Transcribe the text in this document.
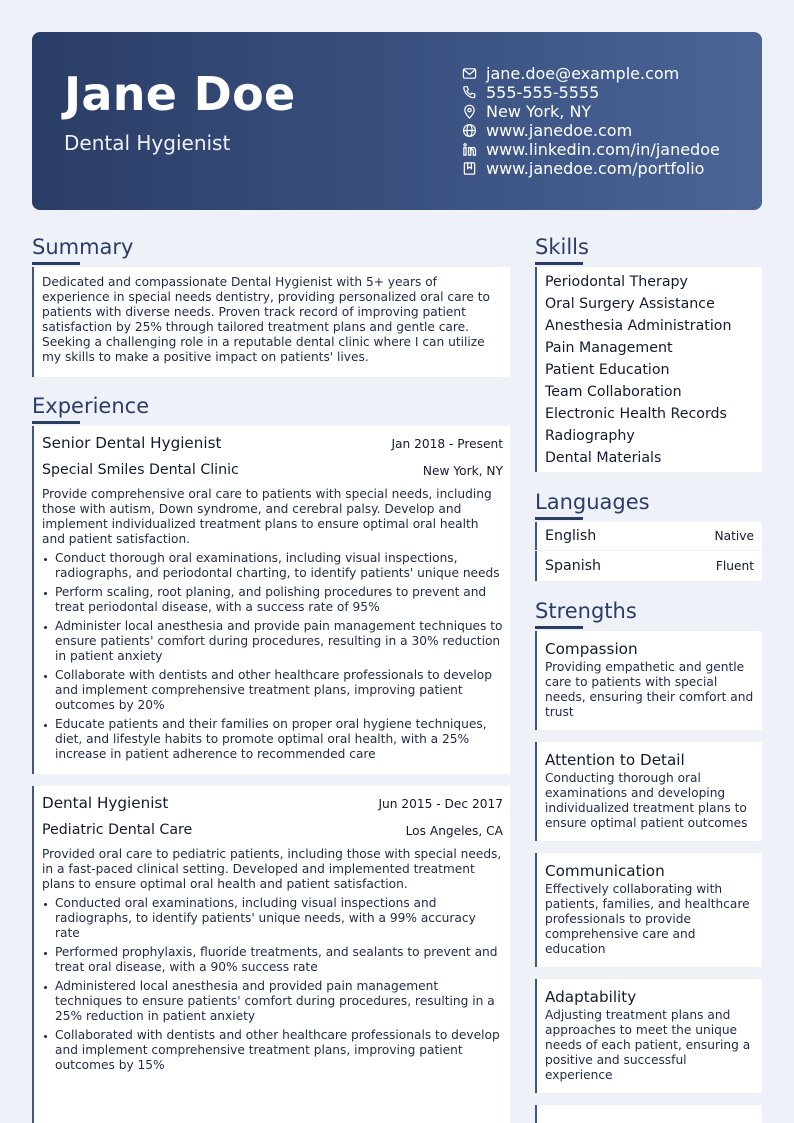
Jane Doe
Dental Hygienist
jane.doe@example.com
555-555-5555
New York, NY
www.janedoe.com
www.linkedin.com/in/janedoe
www.janedoe.com/portfolio
Summary
Dedicated and compassionate Dental Hygienist with 5+ years of experience in special needs dentistry, providing personalized oral care to patients with diverse needs. Proven track record of improving patient satisfaction by 25% through tailored treatment plans and gentle care. Seeking a challenging role in a reputable dental clinic where I can utilize my skills to make a positive impact on patients' lives.
Experience
Senior Dental Hygienist	Jan 2018 - Present
Special Smiles Dental Clinic	New York, NY
Provide comprehensive oral care to patients with special needs, including those with autism, Down syndrome, and cerebral palsy. Develop and implement individualized treatment plans to ensure optimal oral health and patient satisfaction.
Conduct thorough oral examinations, including visual inspections, radiographs, and periodontal charting, to identify patients' unique needs
Perform scaling, root planing, and polishing procedures to prevent and treat periodontal disease, with a success rate of 95%
Administer local anesthesia and provide pain management techniques to ensure patients' comfort during procedures, resulting in a 30% reduction in patient anxiety
Collaborate with dentists and other healthcare professionals to develop and implement comprehensive treatment plans, improving patient outcomes by 20%
Educate patients and their families on proper oral hygiene techniques, diet, and lifestyle habits to promote optimal oral health, with a 25% increase in patient adherence to recommended care
Dental Hygienist	Jun 2015 - Dec 2017
Pediatric Dental Care	Los Angeles, CA
Provided oral care to pediatric patients, including those with special needs, in a fast-paced clinical setting. Developed and implemented treatment plans to ensure optimal oral health and patient satisfaction.
Conducted oral examinations, including visual inspections and radiographs, to identify patients' unique needs, with a 99% accuracy rate
Performed prophylaxis, fluoride treatments, and sealants to prevent and treat oral disease, with a 90% success rate
Administered local anesthesia and provided pain management techniques to ensure patients' comfort during procedures, resulting in a 25% reduction in patient anxiety
Collaborated with dentists and other healthcare professionals to develop and implement comprehensive treatment plans, improving patient outcomes by 15%
Skills
Periodontal Therapy
Oral Surgery Assistance
Anesthesia Administration
Pain Management
Patient Education
Team Collaboration
Electronic Health Records
Radiography
Dental Materials
Languages
English	Native
Spanish	Fluent
Strengths
Compassion
Providing empathetic and gentle care to patients with special needs, ensuring their comfort and trust
Attention to Detail
Conducting thorough oral examinations and developing individualized treatment plans to ensure optimal patient outcomes
Communication
Effectively collaborating with patients, families, and healthcare professionals to provide comprehensive care and education
Adaptability
Adjusting treatment plans and approaches to meet the unique needs of each patient, ensuring a positive and successful experience
